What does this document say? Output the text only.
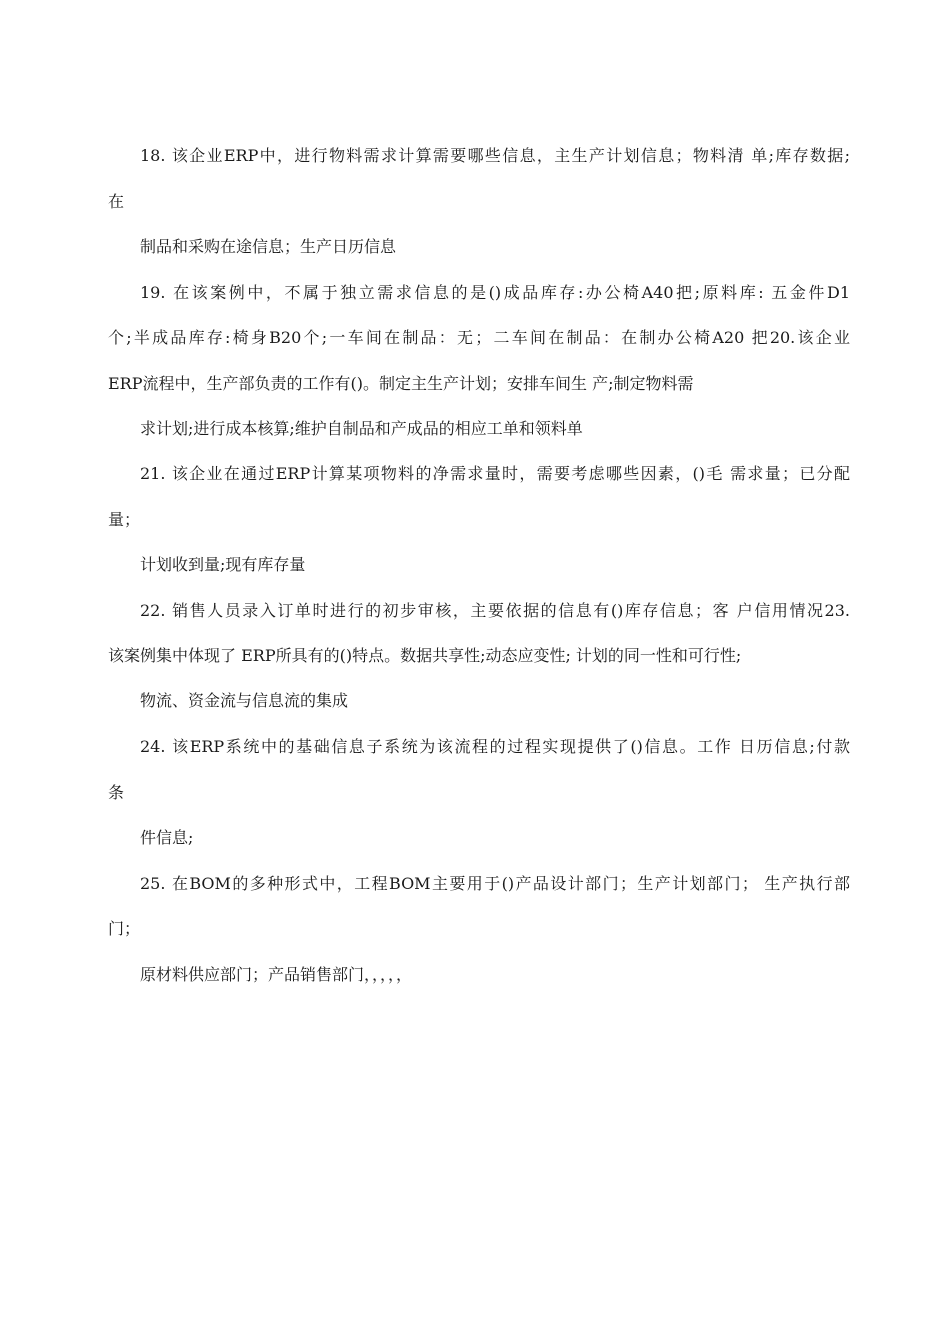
18. 该企业ERP中，进行物料需求计算需要哪些信息，主生产计划信息；物料清 单;库存数据;
在
制品和采购在途信息；生产日历信息
19. 在该案例中，不属于独立需求信息的是()成品库存:办公椅A40把;原料库: 五金件D1
个;半成品库存:椅身B20个;一车间在制品：无；二车间在制品：在制办公椅A20 把20.该企业
ERP流程中，生产部负责的工作有()。制定主生产计划；安排车间生 产;制定物料需
求计划;进行成本核算;维护自制品和产成品的相应工单和领料单
21. 该企业在通过ERP计算某项物料的净需求量时，需要考虑哪些因素，()毛 需求量；已分配
量；
计划收到量;现有库存量
22. 销售人员录入订单时进行的初步审核，主要依据的信息有()库存信息；客 户信用情况23.
该案例集中体现了 ERP所具有的()特点。数据共享性;动态应变性; 计划的同一性和可行性;
物流、资金流与信息流的集成
24. 该ERP系统中的基础信息子系统为该流程的过程实现提供了()信息。工作 日历信息;付款
条
件信息;
25. 在BOM的多种形式中，工程BOM主要用于()产品设计部门；生产计划部门； 生产执行部
门；
原材料供应部门；产品销售部门，，，，，
